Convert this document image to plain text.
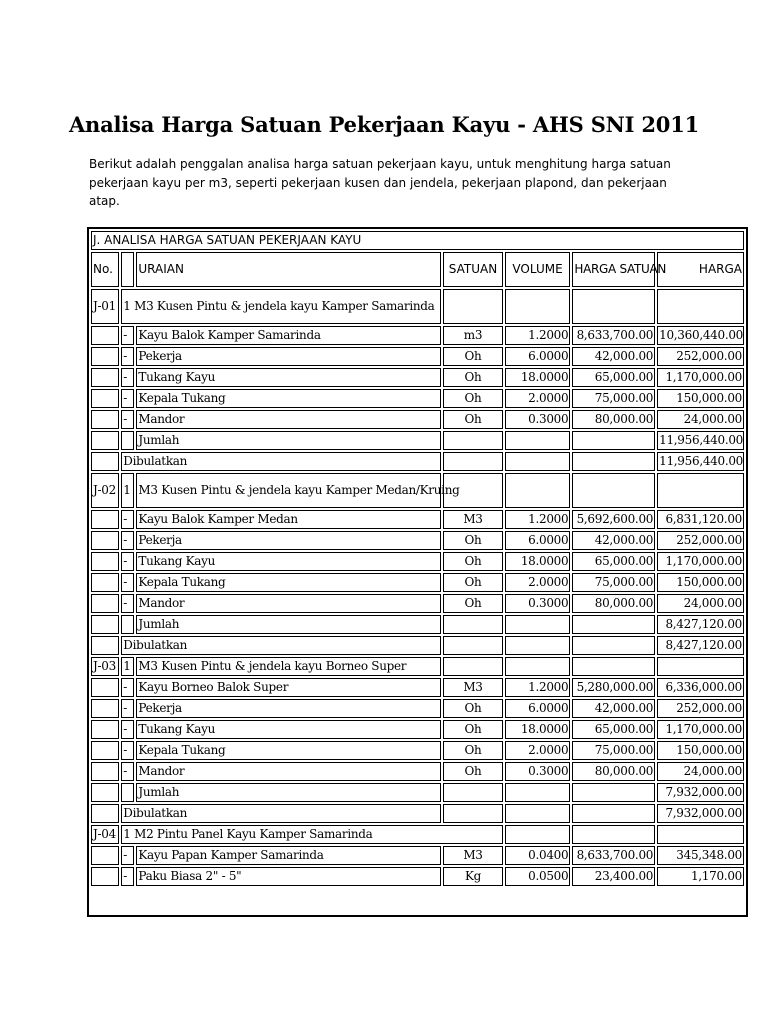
Analisa Harga Satuan Pekerjaan Kayu - AHS SNI 2011

Berikut adalah penggalan analisa harga satuan pekerjaan kayu, untuk menghitung harga satuan pekerjaan kayu per m3, seperti pekerjaan kusen dan jendela, pekerjaan plapond, dan pekerjaan atap.

J. ANALISA HARGA SATUAN PEKERJAAN KAYU						
No.		URAIAN	SATUAN	VOLUME	HARGA SATUAN	HARGA
J-01	1 M3 Kusen Pintu & jendela kayu Kamper Samarinda					
	-	Kayu Balok Kamper Samarinda	m3	1.2000	8,633,700.00	10,360,440.00
	-	Pekerja	Oh	6.0000	42,000.00	252,000.00
	-	Tukang Kayu	Oh	18.0000	65,000.00	1,170,000.00
	-	Kepala Tukang	Oh	2.0000	75,000.00	150,000.00
	-	Mandor	Oh	0.3000	80,000.00	24,000.00
		Jumlah				11,956,440.00
	Dibulatkan					11,956,440.00
J-02	1	M3 Kusen Pintu & jendela kayu Kamper Medan/Kruing				
	-	Kayu Balok Kamper Medan	M3	1.2000	5,692,600.00	6,831,120.00
	-	Pekerja	Oh	6.0000	42,000.00	252,000.00
	-	Tukang Kayu	Oh	18.0000	65,000.00	1,170,000.00
	-	Kepala Tukang	Oh	2.0000	75,000.00	150,000.00
	-	Mandor	Oh	0.3000	80,000.00	24,000.00
		Jumlah				8,427,120.00
	Dibulatkan					8,427,120.00
J-03	1	M3 Kusen Pintu & jendela kayu Borneo Super				
	-	Kayu Borneo Balok Super	M3	1.2000	5,280,000.00	6,336,000.00
	-	Pekerja	Oh	6.0000	42,000.00	252,000.00
	-	Tukang Kayu	Oh	18.0000	65,000.00	1,170,000.00
	-	Kepala Tukang	Oh	2.0000	75,000.00	150,000.00
	-	Mandor	Oh	0.3000	80,000.00	24,000.00
		Jumlah				7,932,000.00
	Dibulatkan					7,932,000.00
J-04	1 M2 Pintu Panel Kayu Kamper Samarinda					
	-	Kayu Papan Kamper Samarinda	M3	0.0400	8,633,700.00	345,348.00
	-	Paku Biasa 2" - 5"	Kg	0.0500	23,400.00	1,170.00
